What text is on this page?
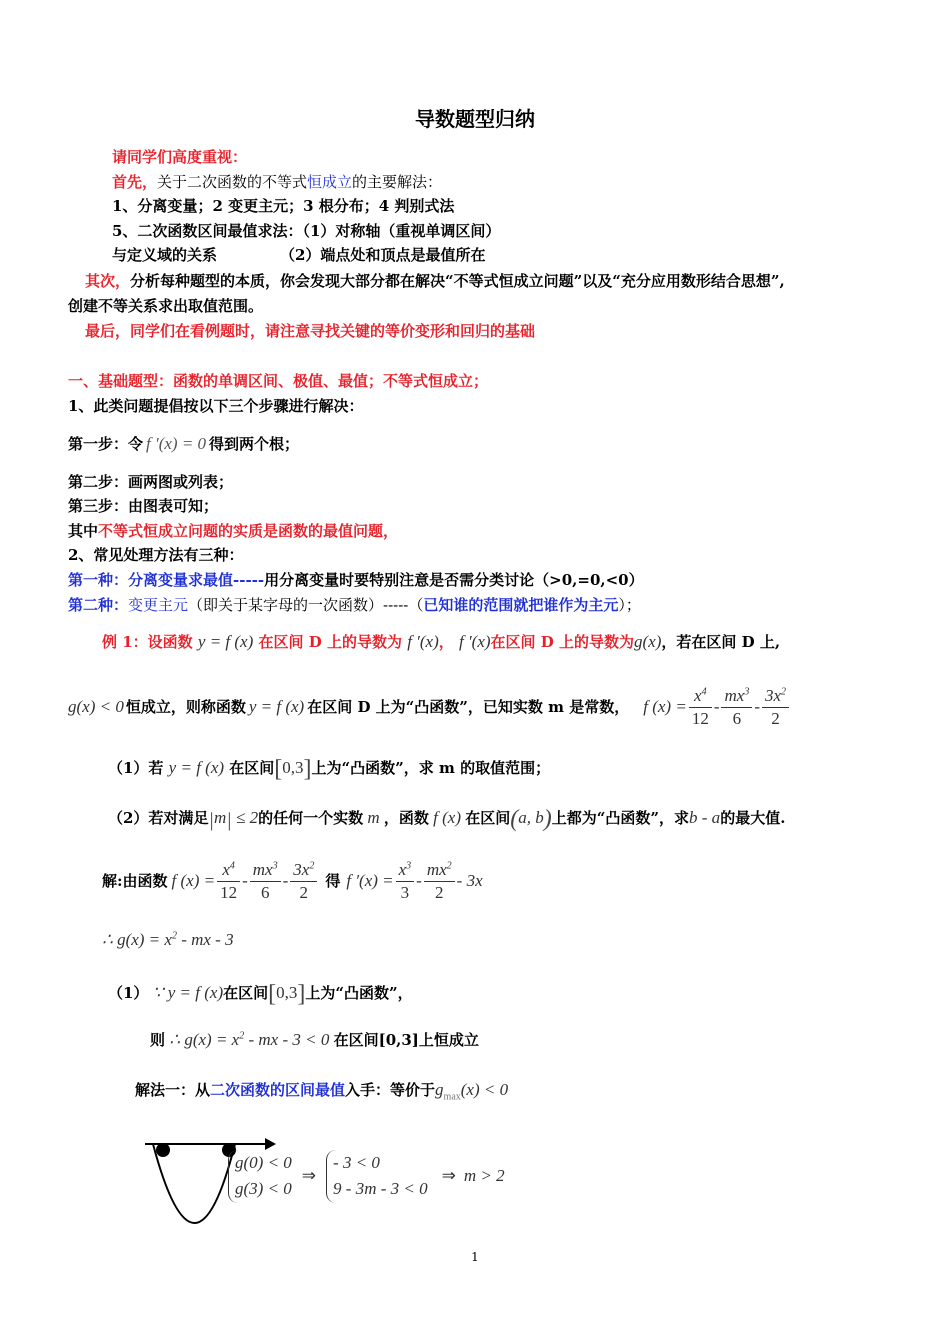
导数题型归纳
请同学们高度重视：
首先，关于二次函数的不等式恒成立的主要解法：
1、分离变量；2 变更主元；3 根分布；4 判别式法
5、二次函数区间最值求法：（1）对称轴（重视单调区间）
与定义域的关系	（2）端点处和顶点是最值所在
其次，分析每种题型的本质，你会发现大部分都在解决“不等式恒成立问题”以及“充分应用数形结合思想”,
创建不等关系求出取值范围。
最后，同学们在看例题时，请注意寻找关键的等价变形和回归的基础
一、基础题型：函数的单调区间、极值、最值；不等式恒成立；
1、此类问题提倡按以下三个步骤进行解决：
第一步：令 f ′(x) = 0 得到两个根；
第二步：画两图或列表；
第三步：由图表可知；
其中不等式恒成立问题的实质是函数的最值问题，
2、常见处理方法有三种：
第一种：分离变量求最值-----用分离变量时要特别注意是否需分类讨论（>0,=0,<0）
第二种：变更主元（即关于某字母的一次函数）-----（已知谁的范围就把谁作为主元）；
例 1：设函数 y = f (x) 在区间 D 上的导数为 f ′(x)， f ′(x)在区间 D 上的导数为g(x)，若在区间 D 上,
g(x) < 0 恒成立，则称函数 y = f (x) 在区间 D 上为“凸函数”，已知实数 m 是常数， f $(x) = \frac{x^4}{12} - \frac{mx^3}{6} - \frac{3x^2}{2}$
（1）若 y = f (x) 在区间[0,3]上为“凸函数”，求 m 的取值范围；
（2）若对满足|m| ≤ 2的任何一个实数 m ，函数 f (x) 在区间(a, b)上都为“凸函数”，求b - a的最大值.
解:由函数 f $(x) = \frac{x^4}{12} - \frac{mx^3}{6} - \frac{3x^2}{2}$ 得 f $'(x) = \frac{x^3}{3} - \frac{mx^2}{2} - 3x$
∴ $g(x) = x^2$ - mx - 3
（1） ∵ y = f (x)在区间[0,3]上为“凸函数”，
则 ∴ $g(x) = x^2$ - mx - 3 < 0 在区间[0,3]上恒成立
解法一：从二次函数的区间最值入手：等价于$g_{max}(x) < 0$
g(0) < 0
g(3) < 0
⇒
- 3 < 0
9 - 3m - 3 < 0
⇒ m > 2
1
